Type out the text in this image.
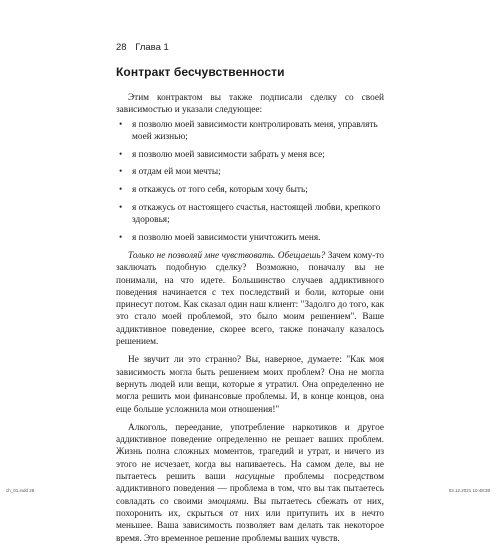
28 Глава 1
Контракт бесчувственности

Этим контрактом вы также подписали сделку со своей зависимостью и указали следующее:

• я позволю моей зависимости контролировать меня, управлять моей жизнью;
• я позволю моей зависимости забрать у меня все;
• я отдам ей мои мечты;
• я откажусь от того себя, которым хочу быть;
• я откажусь от настоящего счастья, настоящей любви, крепкого здоровья;
• я позволю моей зависимости уничтожить меня.

Только не позволяй мне чувствовать. Обещаешь? Зачем кому-то заключать подобную сделку? Возможно, поначалу вы не понимали, на что идете. Большинство случаев аддиктивного поведения начинается с тех последствий и боли, которые они принесут потом. Как сказал один наш клиент: "Задолго до того, как это стало моей проблемой, это было моим решением". Ваше аддиктивное поведение, скорее всего, также поначалу казалось решением.

Не звучит ли это странно? Вы, наверное, думаете: "Как моя зависимость могла быть решением моих проблем? Она не могла вернуть людей или вещи, которые я утратил. Она определенно не могла решить мои финансовые проблемы. И, в конце концов, она еще больше усложнила мои отношения!"

Алкоголь, переедание, употребление наркотиков и другое аддиктивное поведение определенно не решает ваших проблем. Жизнь полна сложных моментов, трагедий и утрат, и ничего из этого не исчезает, когда вы напиваетесь. На самом деле, вы не пытаетесь решить ваши насущные проблемы посредством аддиктивного поведения — проблема в том, что вы так пытаетесь совладать со своими эмоциями. Вы пытаетесь сбежать от них, похоронить их, скрыться от них или притупить их в нечто меньшее. Ваша зависимость позволяет вам делать так некоторое время. Это временное решение проблемы ваших чувств.

ch_01.indd 28	03.12.2021 10:48:38
